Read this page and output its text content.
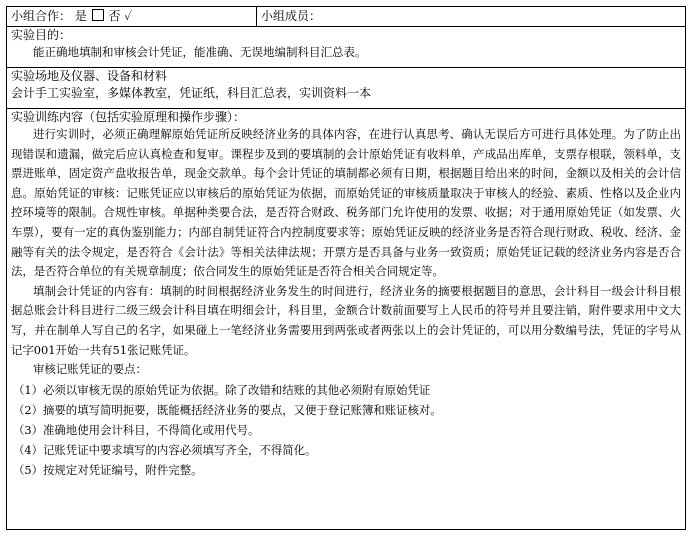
小组合作： 是 否 ✓	小组成员：
实验目的：
能正确地填制和审核会计凭证，能准确、无误地编制科目汇总表。
实验场地及仪器、设备和材料
会计手工实验室，多媒体教室，凭证纸，科目汇总表，实训资料一本
实验训练内容（包括实验原理和操作步骤）：

进行实训时，必须正确理解原始凭证所反映经济业务的具体内容，在进行认真思考、确认无误后方可进行具体处理。为了防止出现错误和遗漏，做完后应认真检查和复审。课程步及到的要填制的会计原始凭证有收料单，产成品出库单，支票存根联，领料单，支票进账单，固定资产盘收报告单，现金交款单。每个会计凭证的填制都必须有日期，根据题目给出来的时间，金额以及相关的会计信息。原始凭证的审核：记账凭证应以审核后的原始凭证为依据，而原始凭证的审核质量取决于审核人的经验、素质、性格以及企业内控环境等的限制。合规性审核。单据种类要合法，是否符合财政、税务部门允许使用的发票、收据；对于通用原始凭证（如发票、火车票），要有一定的真伪鉴别能力；内部自制凭证符合内控制度要求等；原始凭证反映的经济业务是否符合现行财政、税收、经济、金融等有关的法令规定，是否符合《会计法》等相关法律法规；开票方是否具备与业务一致资质；原始凭证记载的经济业务内容是否合法，是否符合单位的有关规章制度；依合同发生的原始凭证是否符合相关合同规定等。

填制会计凭证的内容有：填制的时间根据经济业务发生的时间进行，经济业务的摘要根据题目的意思，会计科目一级会计科目根据总账会计科目进行二级三级会计科目填在明细会计，科目里，金额合计数前面要写上人民币的符号并且要注销，附件要求用中文大写，并在制单人写自己的名字，如果碰上一笔经济业务需要用到两张或者两张以上的会计凭证的，可以用分数编号法，凭证的字号从记字001开始一共有51张记账凭证。

审核记账凭证的要点：

（1）必须以审核无误的原始凭证为依据。除了改错和结账的其他必须附有原始凭证
（2）摘要的填写简明扼要，既能概括经济业务的要点，又便于登记账簿和账证核对。
（3）准确地使用会计科目，不得简化或用代号。
（4）记账凭证中要求填写的内容必须填写齐全，不得简化。
（5）按规定对凭证编号，附件完整。
